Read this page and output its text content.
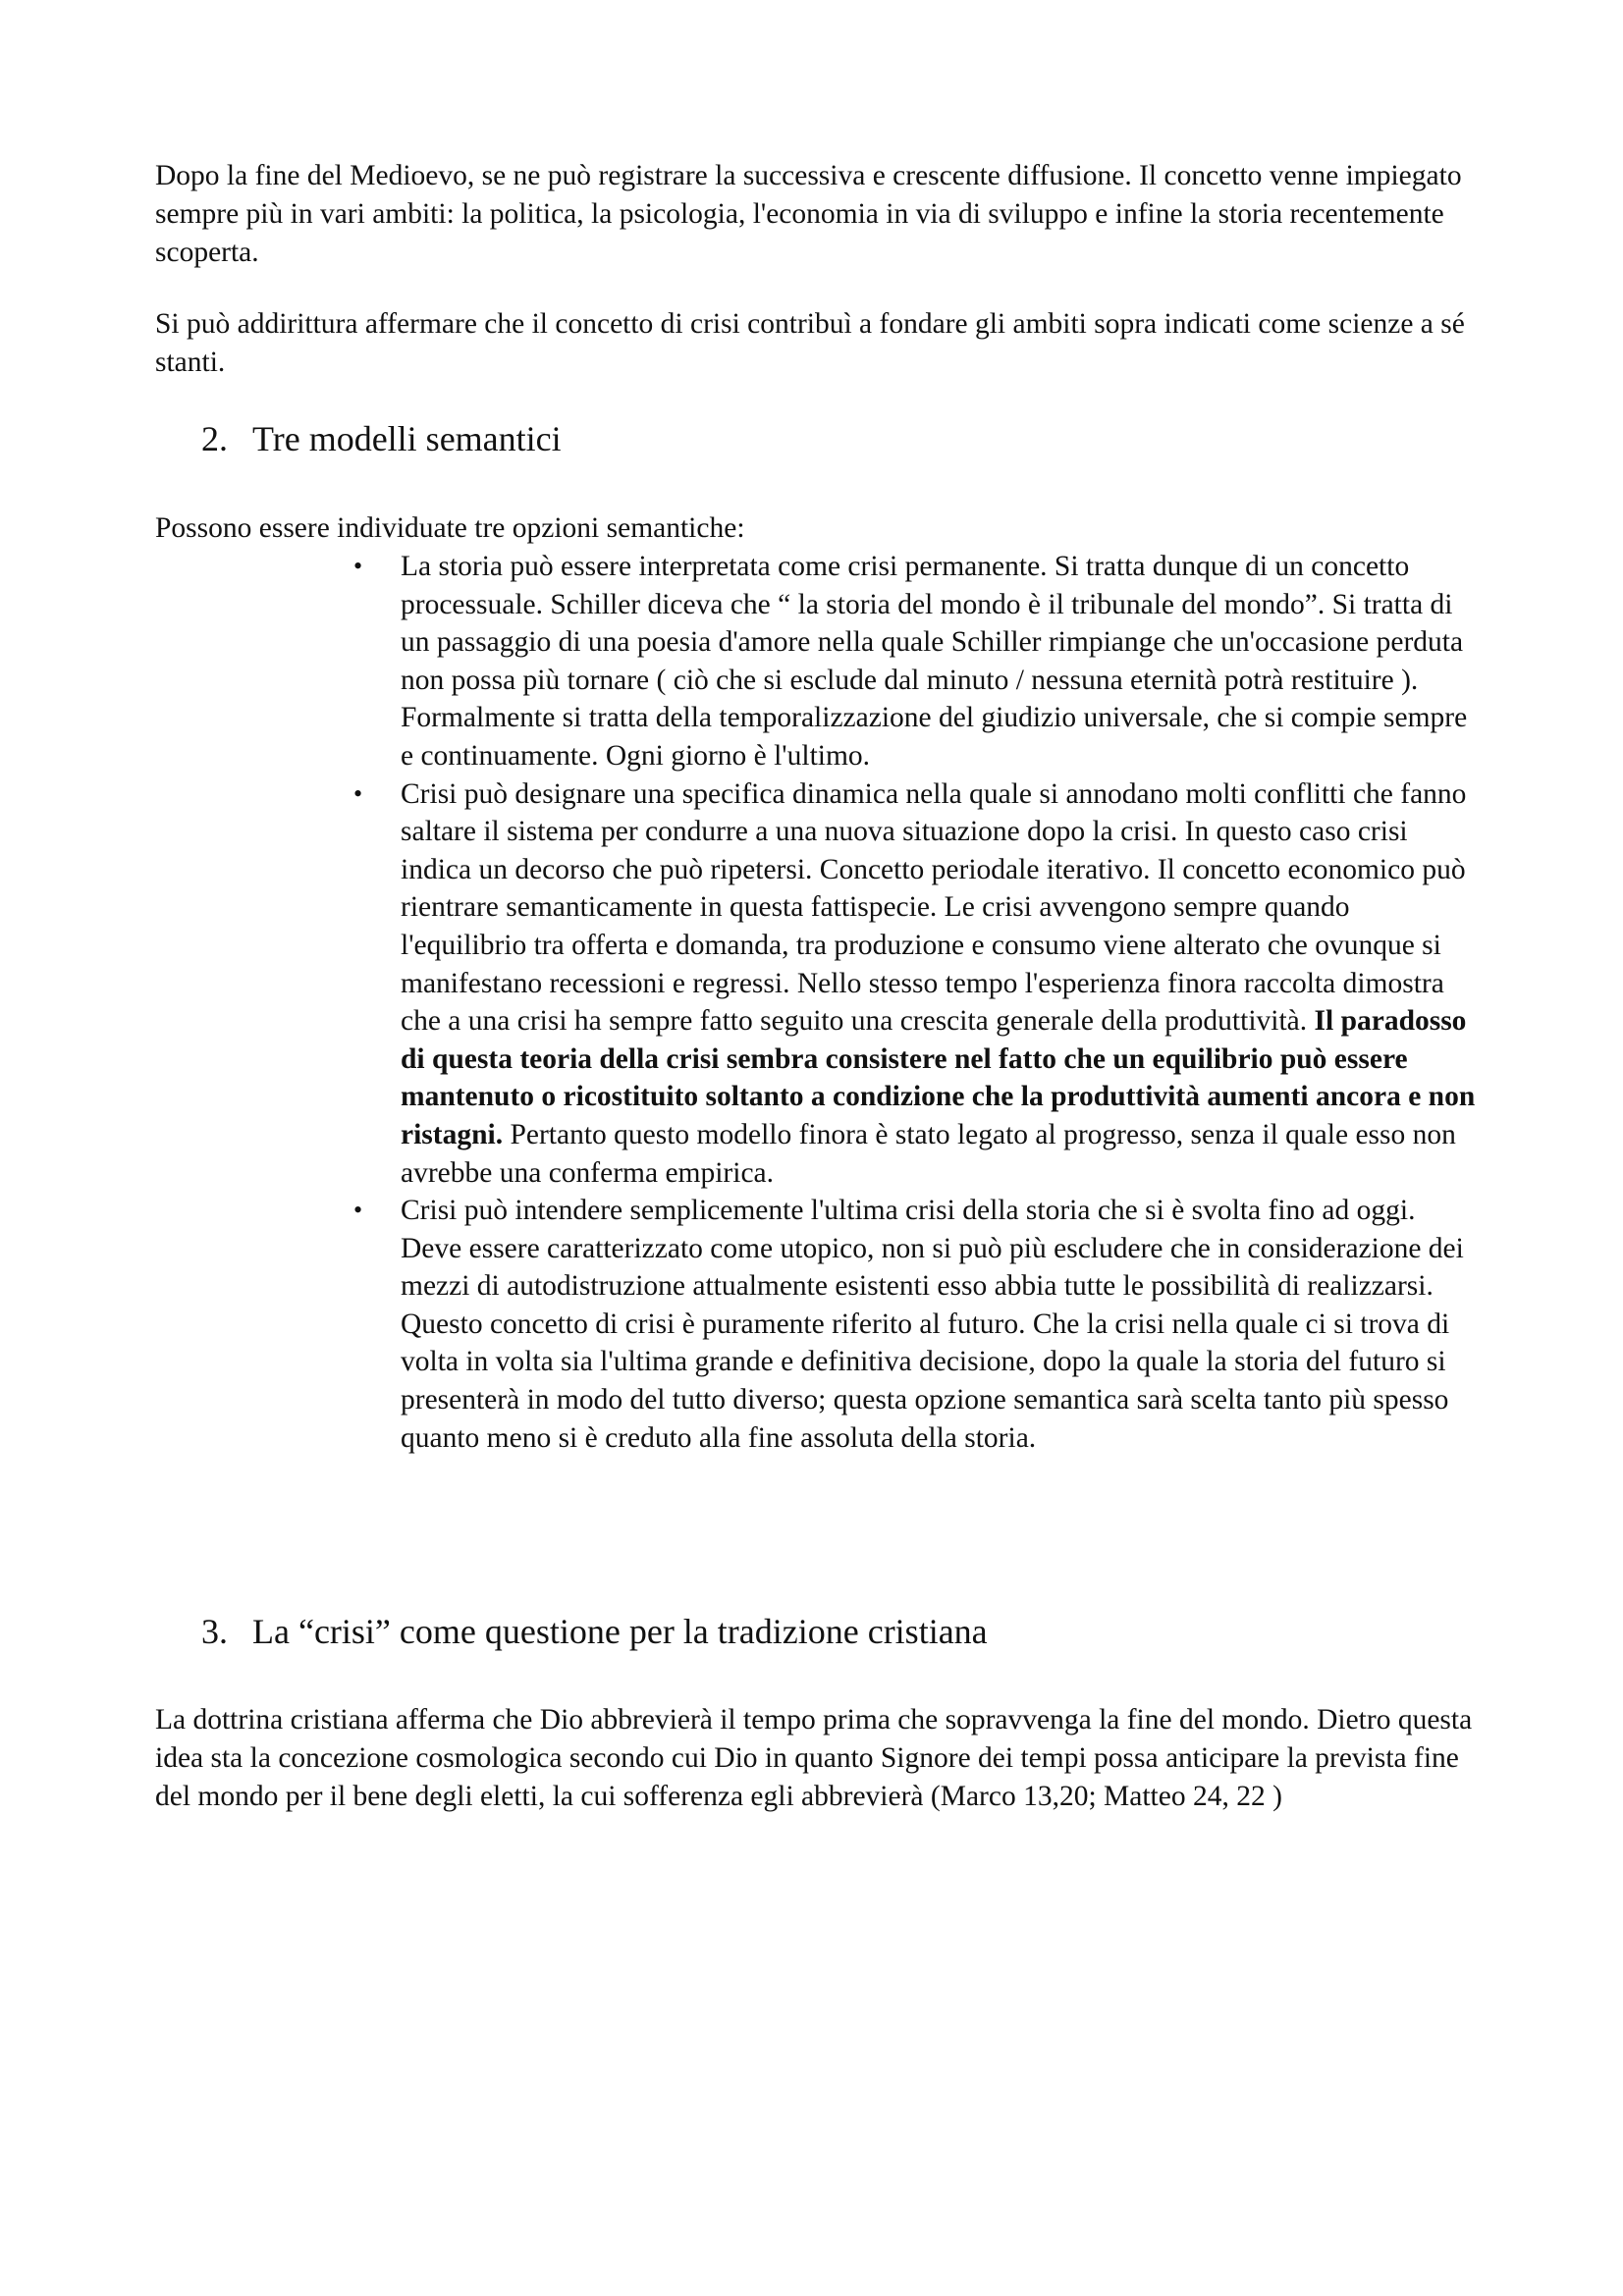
Dopo la fine del Medioevo, se ne può registrare la successiva e crescente diffusione. Il concetto venne impiegato sempre più in vari ambiti: la politica, la psicologia, l'economia in via di sviluppo e infine la storia recentemente scoperta.

Si può addirittura affermare che il concetto di crisi contribuì a fondare gli ambiti sopra indicati come scienze a sé stanti.

2. Tre modelli semantici

Possono essere individuate tre opzioni semantiche:

• La storia può essere interpretata come crisi permanente. Si tratta dunque di un concetto processuale. Schiller diceva che “ la storia del mondo è il tribunale del mondo”. Si tratta di un passaggio di una poesia d'amore nella quale Schiller rimpiange che un'occasione perduta non possa più tornare ( ciò che si esclude dal minuto / nessuna eternità potrà restituire ). Formalmente si tratta della temporalizzazione del giudizio universale, che si compie sempre e continuamente. Ogni giorno è l'ultimo.
• Crisi può designare una specifica dinamica nella quale si annodano molti conflitti che fanno saltare il sistema per condurre a una nuova situazione dopo la crisi. In questo caso crisi indica un decorso che può ripetersi. Concetto periodale iterativo. Il concetto economico può rientrare semanticamente in questa fattispecie. Le crisi avvengono sempre quando l'equilibrio tra offerta e domanda, tra produzione e consumo viene alterato che ovunque si manifestano recessioni e regressi. Nello stesso tempo l'esperienza finora raccolta dimostra che a una crisi ha sempre fatto seguito una crescita generale della produttività. Il paradosso di questa teoria della crisi sembra consistere nel fatto che un equilibrio può essere mantenuto o ricostituito soltanto a condizione che la produttività aumenti ancora e non ristagni. Pertanto questo modello finora è stato legato al progresso, senza il quale esso non avrebbe una conferma empirica.
• Crisi può intendere semplicemente l'ultima crisi della storia che si è svolta fino ad oggi. Deve essere caratterizzato come utopico, non si può più escludere che in considerazione dei mezzi di autodistruzione attualmente esistenti esso abbia tutte le possibilità di realizzarsi. Questo concetto di crisi è puramente riferito al futuro. Che la crisi nella quale ci si trova di volta in volta sia l'ultima grande e definitiva decisione, dopo la quale la storia del futuro si presenterà in modo del tutto diverso; questa opzione semantica sarà scelta tanto più spesso quanto meno si è creduto alla fine assoluta della storia.
3. La “crisi” come questione per la tradizione cristiana

La dottrina cristiana afferma che Dio abbrevierà il tempo prima che sopravvenga la fine del mondo. Dietro questa idea sta la concezione cosmologica secondo cui Dio in quanto Signore dei tempi possa anticipare la prevista fine del mondo per il bene degli eletti, la cui sofferenza egli abbrevierà (Marco 13,20; Matteo 24, 22 )
